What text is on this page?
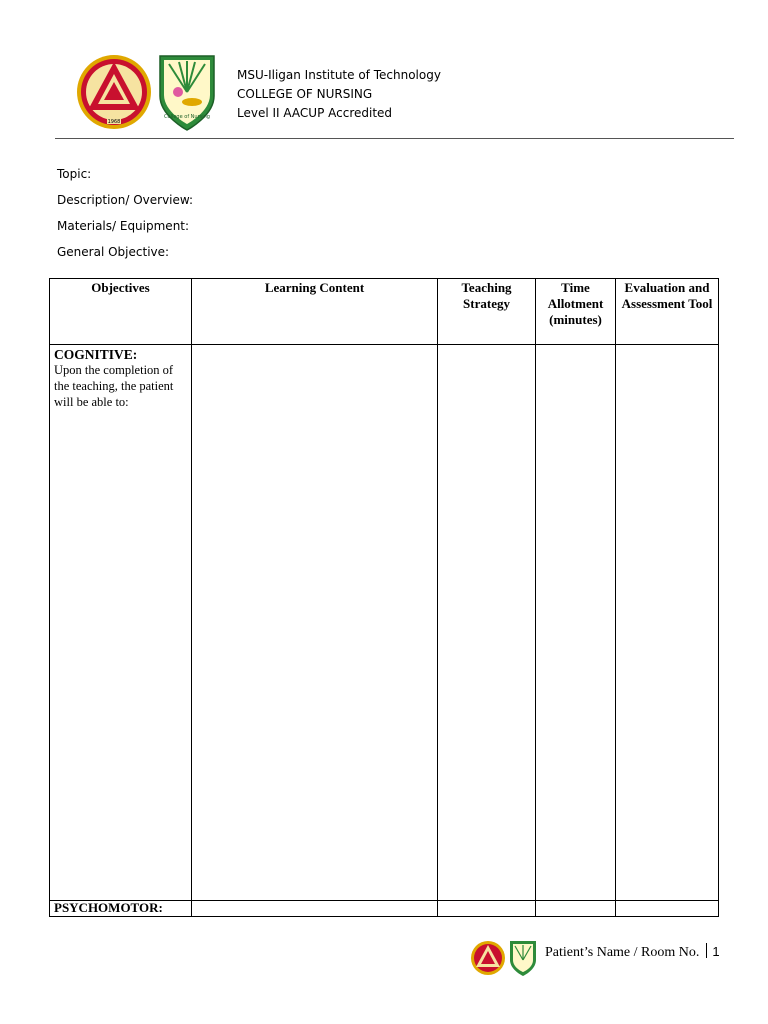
1968
College of Nursing
MSU-Iligan Institute of Technology
COLLEGE OF NURSING
Level II AACUP Accredited
Topic:
Description/ Overview:
Materials/ Equipment:
General Objective:
Objectives	Learning Content	Teaching Strategy	Time Allotment (minutes)	Evaluation and Assessment Tool

COGNITIVE:
Upon the completion of the teaching, the patient will be able to:				

PSYCHOMOTOR:				
Patient’s Name / Room No. 1
